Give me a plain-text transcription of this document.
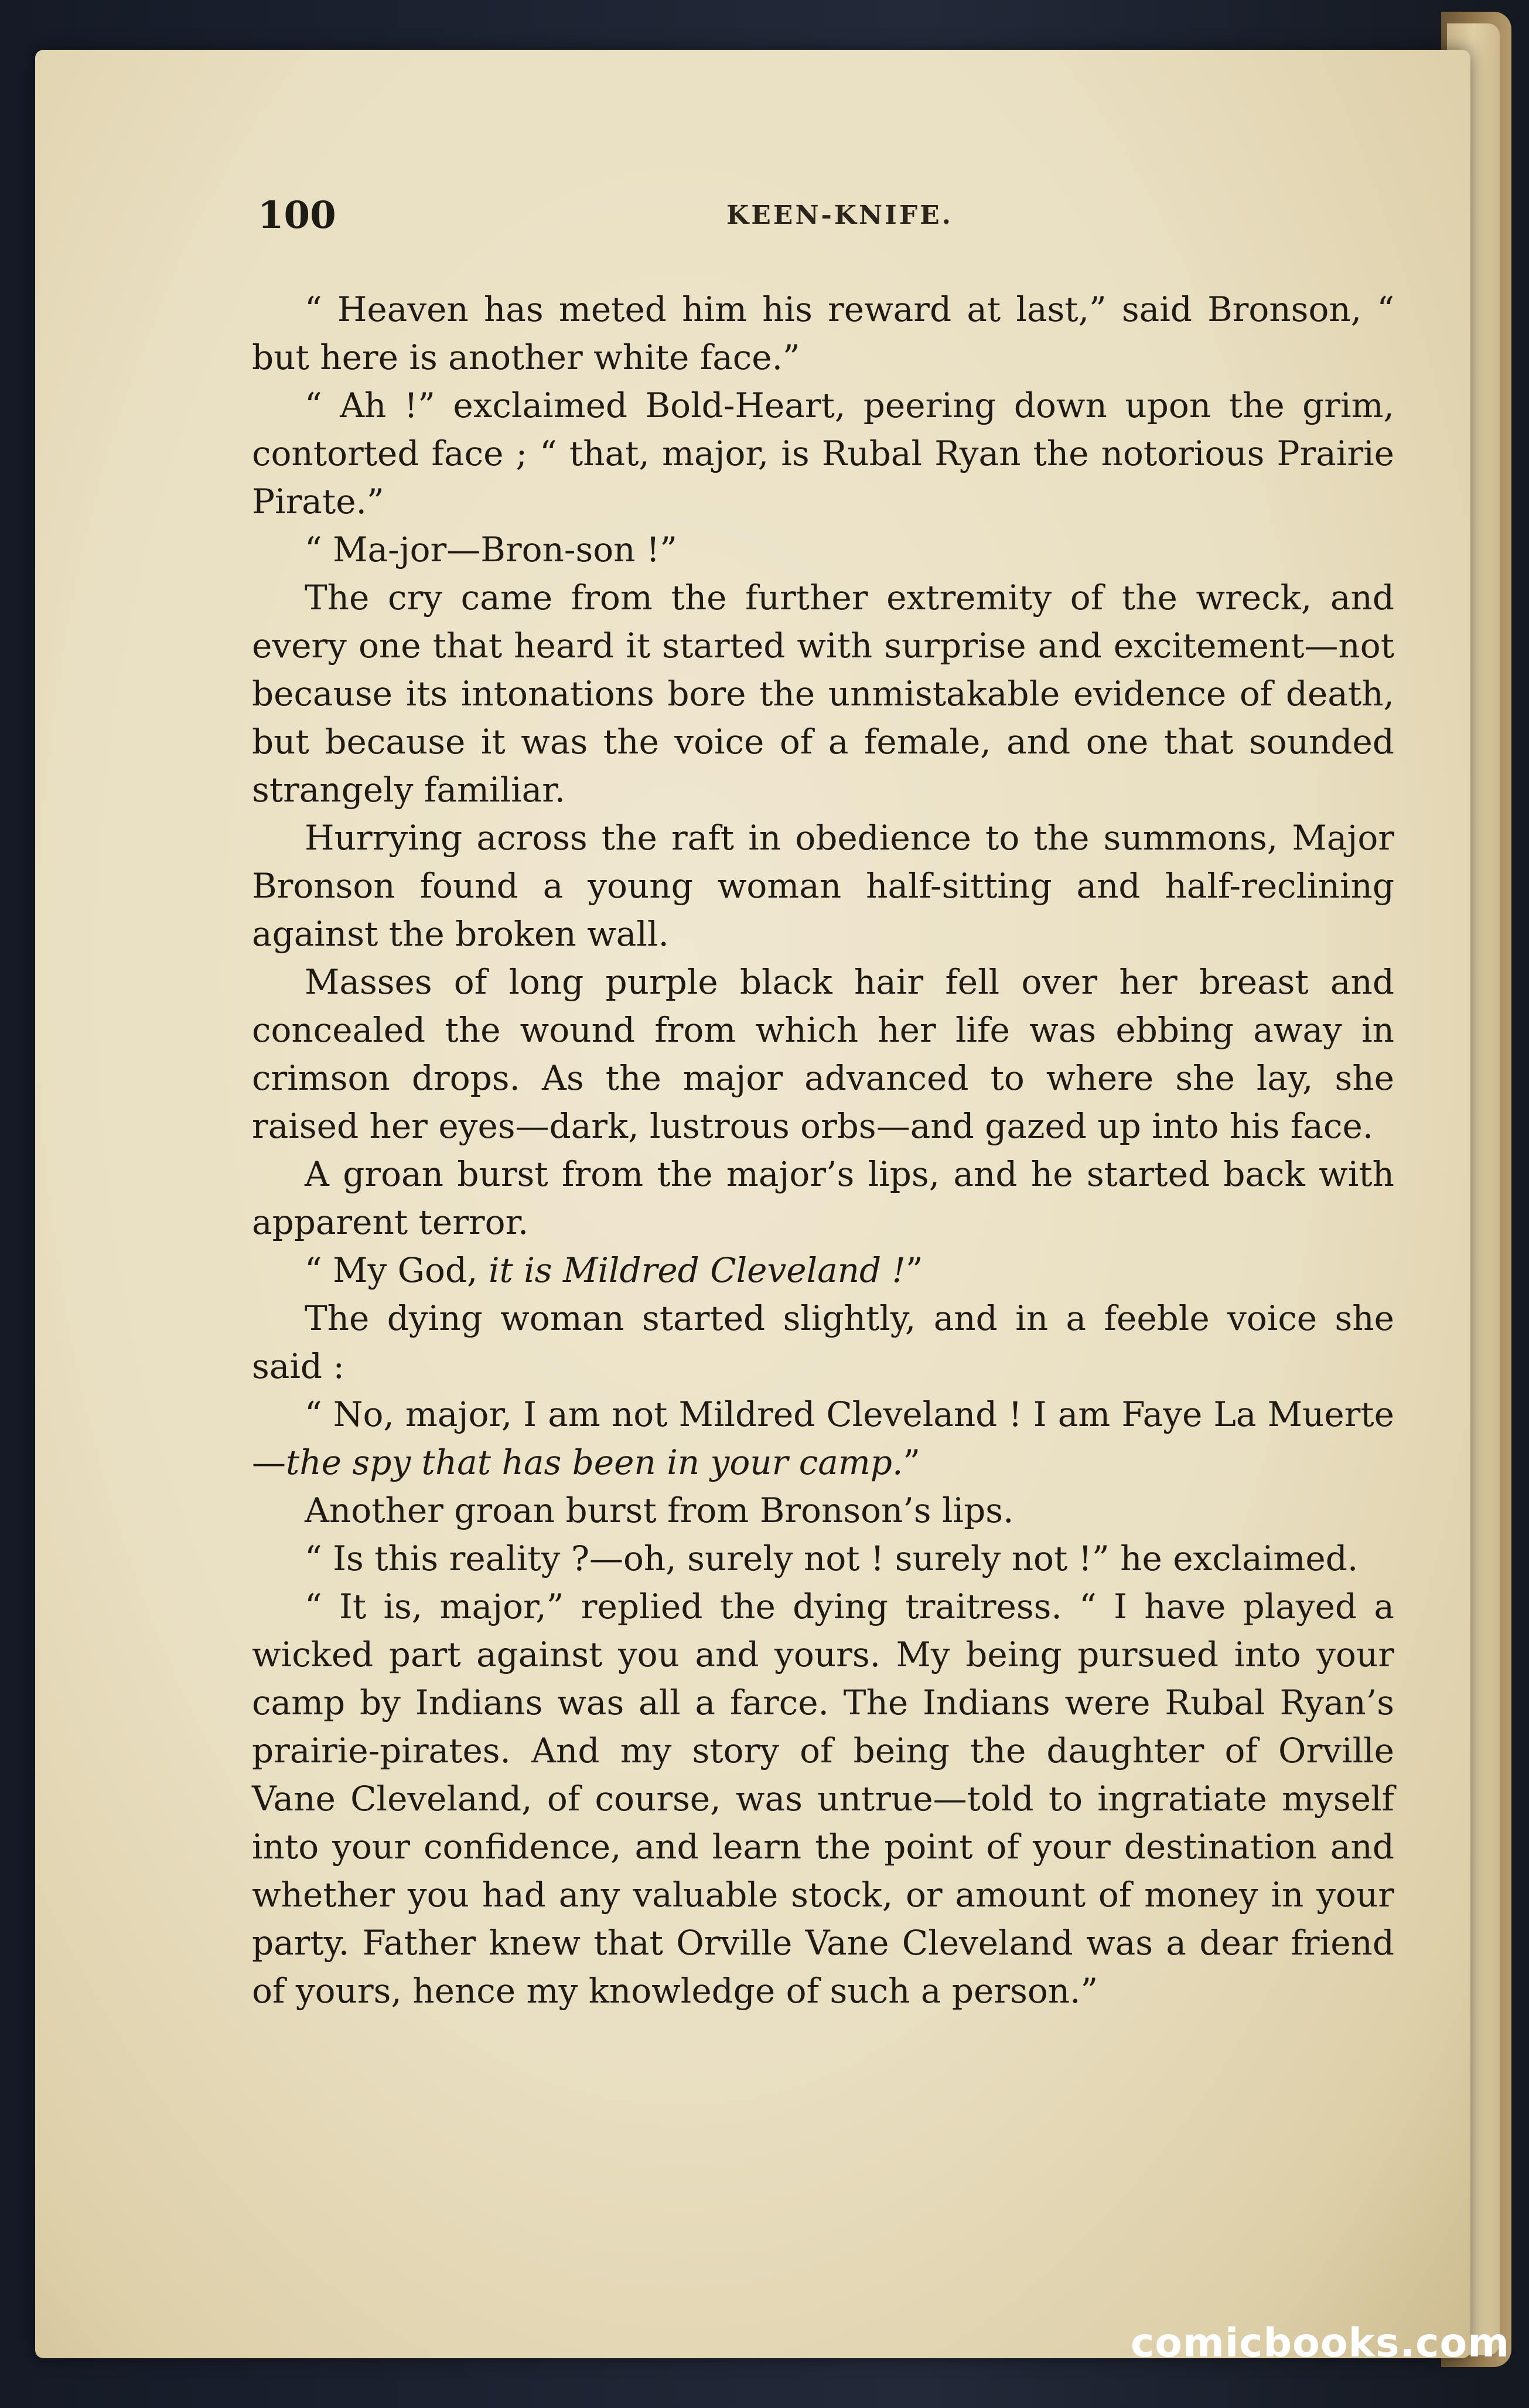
100	KEEN-KNIFE.

“ Heaven has meted him his reward at last,” said Bronson, “ but here is another white face.”

“ Ah !” exclaimed Bold-Heart, peering down upon the grim, contorted face ; “ that, major, is Rubal Ryan the notorious Prairie Pirate.”

“ Ma-jor—Bron-son !”

The cry came from the further extremity of the wreck, and every one that heard it started with surprise and excitement—not because its intonations bore the unmistakable evidence of death, but because it was the voice of a female, and one that sounded strangely familiar.

Hurrying across the raft in obedience to the summons, Major Bronson found a young woman half-sitting and half-reclining against the broken wall.

Masses of long purple black hair fell over her breast and concealed the wound from which her life was ebbing away in crimson drops. As the major advanced to where she lay, she raised her eyes—dark, lustrous orbs—and gazed up into his face.

A groan burst from the major’s lips, and he started back with apparent terror.

“ My God, it is Mildred Cleveland !”

The dying woman started slightly, and in a feeble voice she said :

“ No, major, I am not Mildred Cleveland ! I am Faye La Muerte—the spy that has been in your camp.”

Another groan burst from Bronson’s lips.

“ Is this reality ?—oh, surely not ! surely not !” he exclaimed.

“ It is, major,” replied the dying traitress. “ I have played a wicked part against you and yours. My being pursued into your camp by Indians was all a farce. The Indians were Rubal Ryan’s prairie-pirates. And my story of being the daughter of Orville Vane Cleveland, of course, was untrue—told to ingratiate myself into your confidence, and learn the point of your destination and whether you had any valuable stock, or amount of money in your party. Father knew that Orville Vane Cleveland was a dear friend of yours, hence my knowledge of such a person.”

comicbooks.com
